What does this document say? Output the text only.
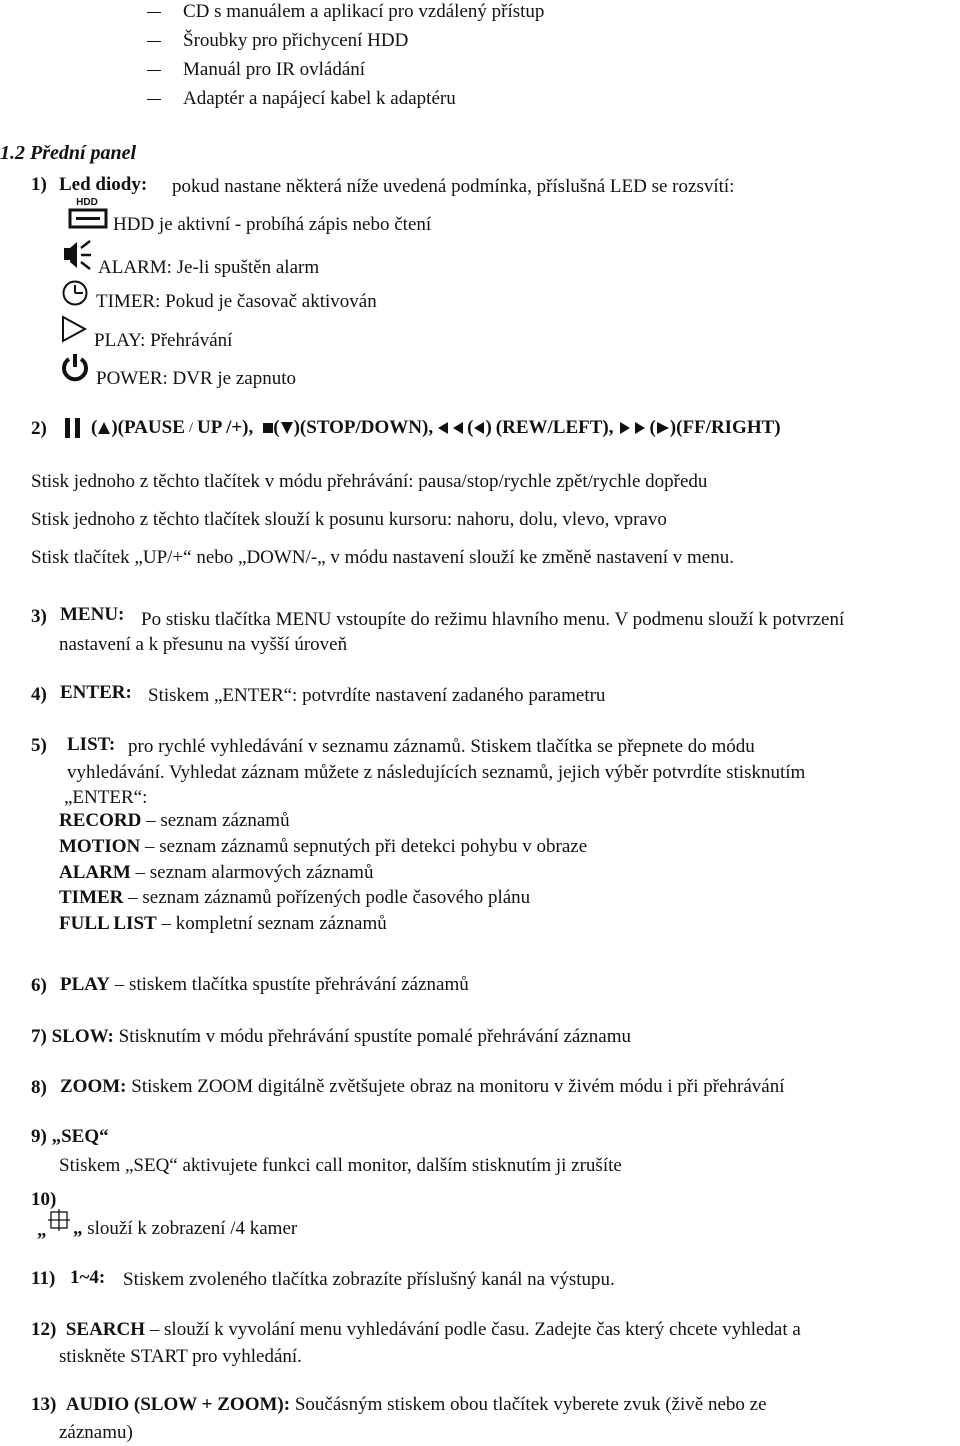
CD s manuálem a aplikací pro vzdálený přístup
Šroubky pro přichycení HDD
Manuál pro IR ovládání
Adaptér a napájecí kabel k adaptéru
1.2 Přední panel
1) Led diody: pokud nastane některá níže uvedená podmínka, příslušná LED se rozsvítí:
HDD
HDD je aktivní - probíhá zápis nebo čtení
ALARM: Je-li spuštěn alarm
TIMER: Pokud je časovač aktivován
PLAY: Přehrávání
POWER: DVR je zapnuto
2) ( )(PAUSE / UP /+), ( )(STOP/DOWN), ( ) (REW/LEFT), ( )(FF/RIGHT)
Stisk jednoho z těchto tlačítek v módu přehrávání: pausa/stop/rychle zpět/rychle dopředu
Stisk jednoho z těchto tlačítek slouží k posunu kursoru: nahoru, dolu, vlevo, vpravo
Stisk tlačítek „UP/+“ nebo „DOWN/-„ v módu nastavení slouží ke změně nastavení v menu.
3) MENU: Po stisku tlačítka MENU vstoupíte do režimu hlavního menu. V podmenu slouží k potvrzení
nastavení a k přesunu na vyšší úroveň
4) ENTER: Stiskem „ENTER“: potvrdíte nastavení zadaného parametru
5) LIST: pro rychlé vyhledávání v seznamu záznamů. Stiskem tlačítka se přepnete do módu
vyhledávání. Vyhledat záznam můžete z následujících seznamů, jejich výběr potvrdíte stisknutím
„ENTER“:
RECORD – seznam záznamů
MOTION – seznam záznamů sepnutých při detekci pohybu v obraze
ALARM – seznam alarmových záznamů
TIMER – seznam záznamů pořízených podle časového plánu
FULL LIST – kompletní seznam záznamů
6) PLAY – stiskem tlačítka spustíte přehrávání záznamů
7) SLOW: Stisknutím v módu přehrávání spustíte pomalé přehrávání záznamu
8) ZOOM: Stiskem ZOOM digitálně zvětšujete obraz na monitoru v živém módu i při přehrávání
9) „SEQ“
Stiskem „SEQ“ aktivujete funkci call monitor, dalším stisknutím ji zrušíte
10)
„ „ slouží k zobrazení /4 kamer
11) 1~4: Stiskem zvoleného tlačítka zobrazíte příslušný kanál na výstupu.
12) SEARCH – slouží k vyvolání menu vyhledávání podle času. Zadejte čas který chcete vyhledat a
stiskněte START pro vyhledání.
13) AUDIO (SLOW + ZOOM): Součásným stiskem obou tlačítek vyberete zvuk (živě nebo ze
záznamu)
